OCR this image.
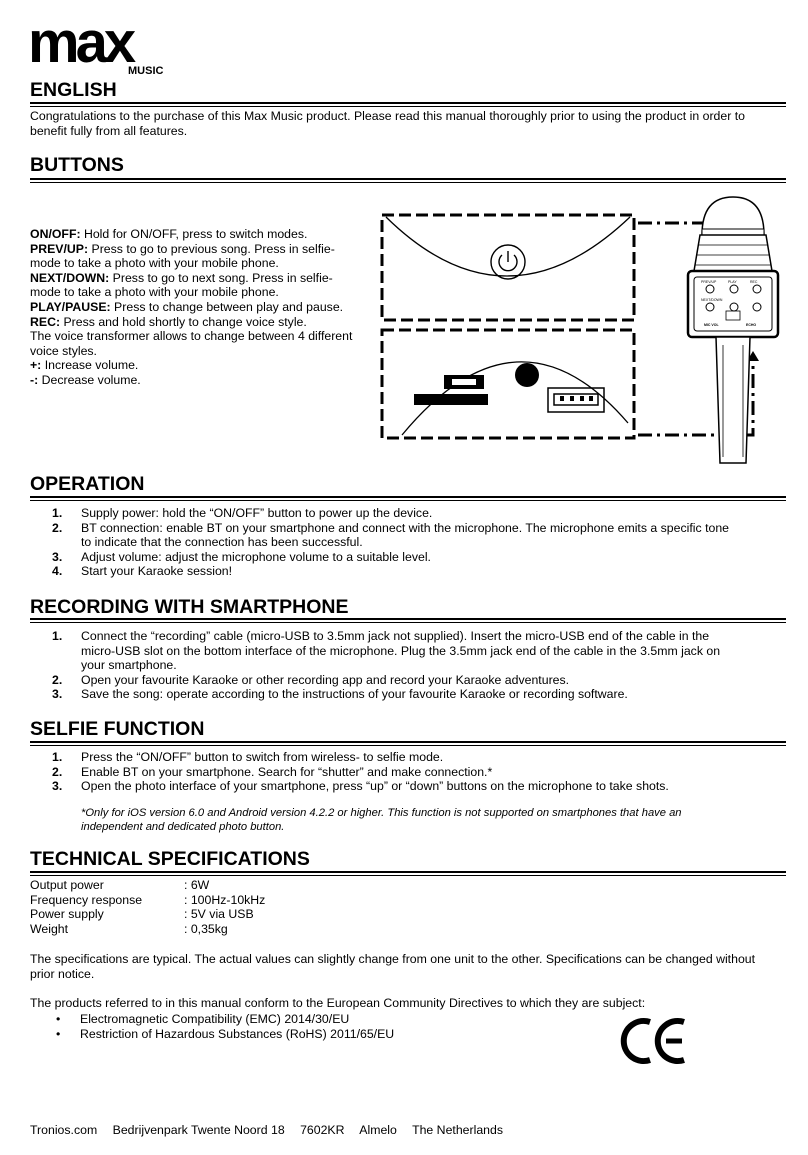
max
MUSIC
ENGLISH

Congratulations to the purchase of this Max Music product. Please read this manual thoroughly prior to using the product in order to benefit fully from all features.

BUTTONS
ON/OFF: Hold for ON/OFF, press to switch modes.
PREV/UP: Press to go to previous song. Press in selfie-mode to take a photo with your mobile phone.
NEXT/DOWN: Press to go to next song. Press in selfie-mode to take a photo with your mobile phone.
PLAY/PAUSE: Press to change between play and pause.
REC: Press and hold shortly to change voice style.
The voice transformer allows to change between 4 different voice styles.
+: Increase volume.
-: Decrease volume.
PREV/UP
NEXT/DOWN
PLAY	REC
MIC VOL	ECHO
OPERATION
1. Supply power: hold the “ON/OFF” button to power up the device.
2. BT connection: enable BT on your smartphone and connect with the microphone. The microphone emits a specific tone to indicate that the connection has been successful.
3. Adjust volume: adjust the microphone volume to a suitable level.
4. Start your Karaoke session!
RECORDING WITH SMARTPHONE
1. Connect the “recording” cable (micro-USB to 3.5mm jack not supplied). Insert the micro-USB end of the cable in the micro-USB slot on the bottom interface of the microphone. Plug the 3.5mm jack end of the cable in the 3.5mm jack on your smartphone.
2. Open your favourite Karaoke or other recording app and record your Karaoke adventures.
3. Save the song: operate according to the instructions of your favourite Karaoke or recording software.
SELFIE FUNCTION
1. Press the “ON/OFF” button to switch from wireless- to selfie mode.
2. Enable BT on your smartphone. Search for “shutter” and make connection.*
3. Open the photo interface of your smartphone, press “up” or “down” buttons on the microphone to take shots.

*Only for iOS version 6.0 and Android version 4.2.2 or higher. This function is not supported on smartphones that have an independent and dedicated photo button.

TECHNICAL SPECIFICATIONS
Output power	: 6W
Frequency response	: 100Hz-10kHz
Power supply	: 5V via USB
Weight	: 0,35kg

The specifications are typical. The actual values can slightly change from one unit to the other. Specifications can be changed without prior notice.

The products referred to in this manual conform to the European Community Directives to which they are subject:

• Electromagnetic Compatibility (EMC) 2014/30/EU
• Restriction of Hazardous Substances (RoHS) 2011/65/EU
Tronios.com Bedrijvenpark Twente Noord 18 7602KR Almelo The Netherlands
